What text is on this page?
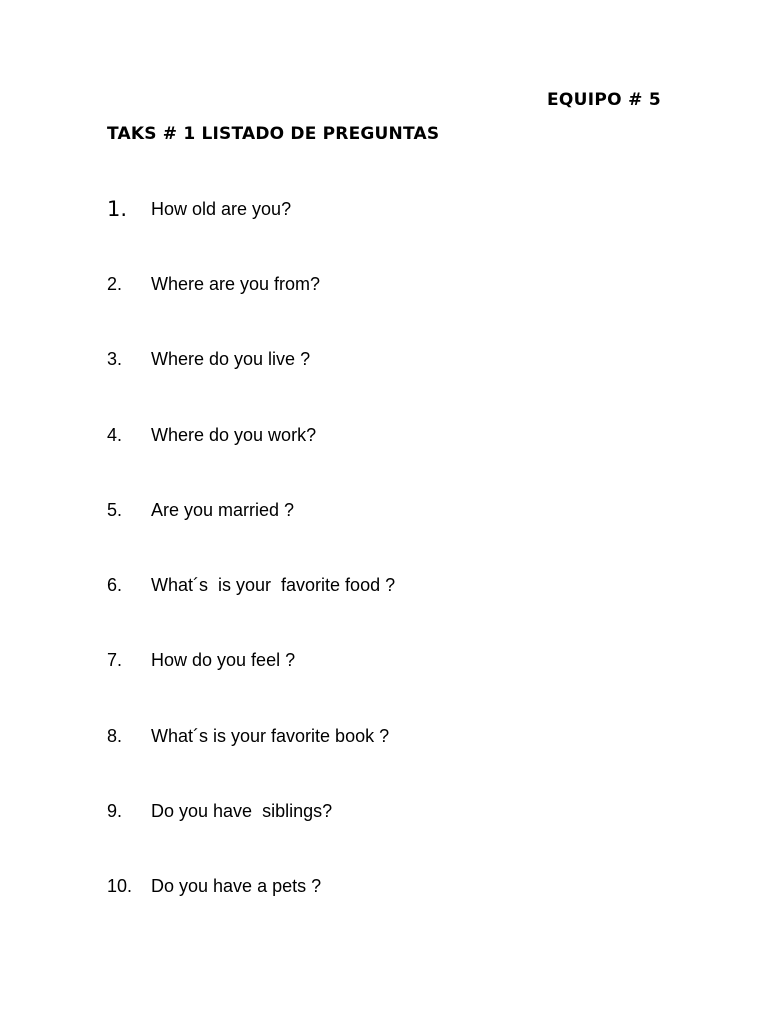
EQUIPO # 5
TAKS # 1 LISTADO DE PREGUNTAS
1. How old are you?
2. Where are you from?
3. Where do you live ?
4. Where do you work?
5. Are you married ?
6. What´s  is your  favorite food ?
7. How do you feel ?
8. What´s is your favorite book ?
9. Do you have  siblings?
10. Do you have a pets ?
